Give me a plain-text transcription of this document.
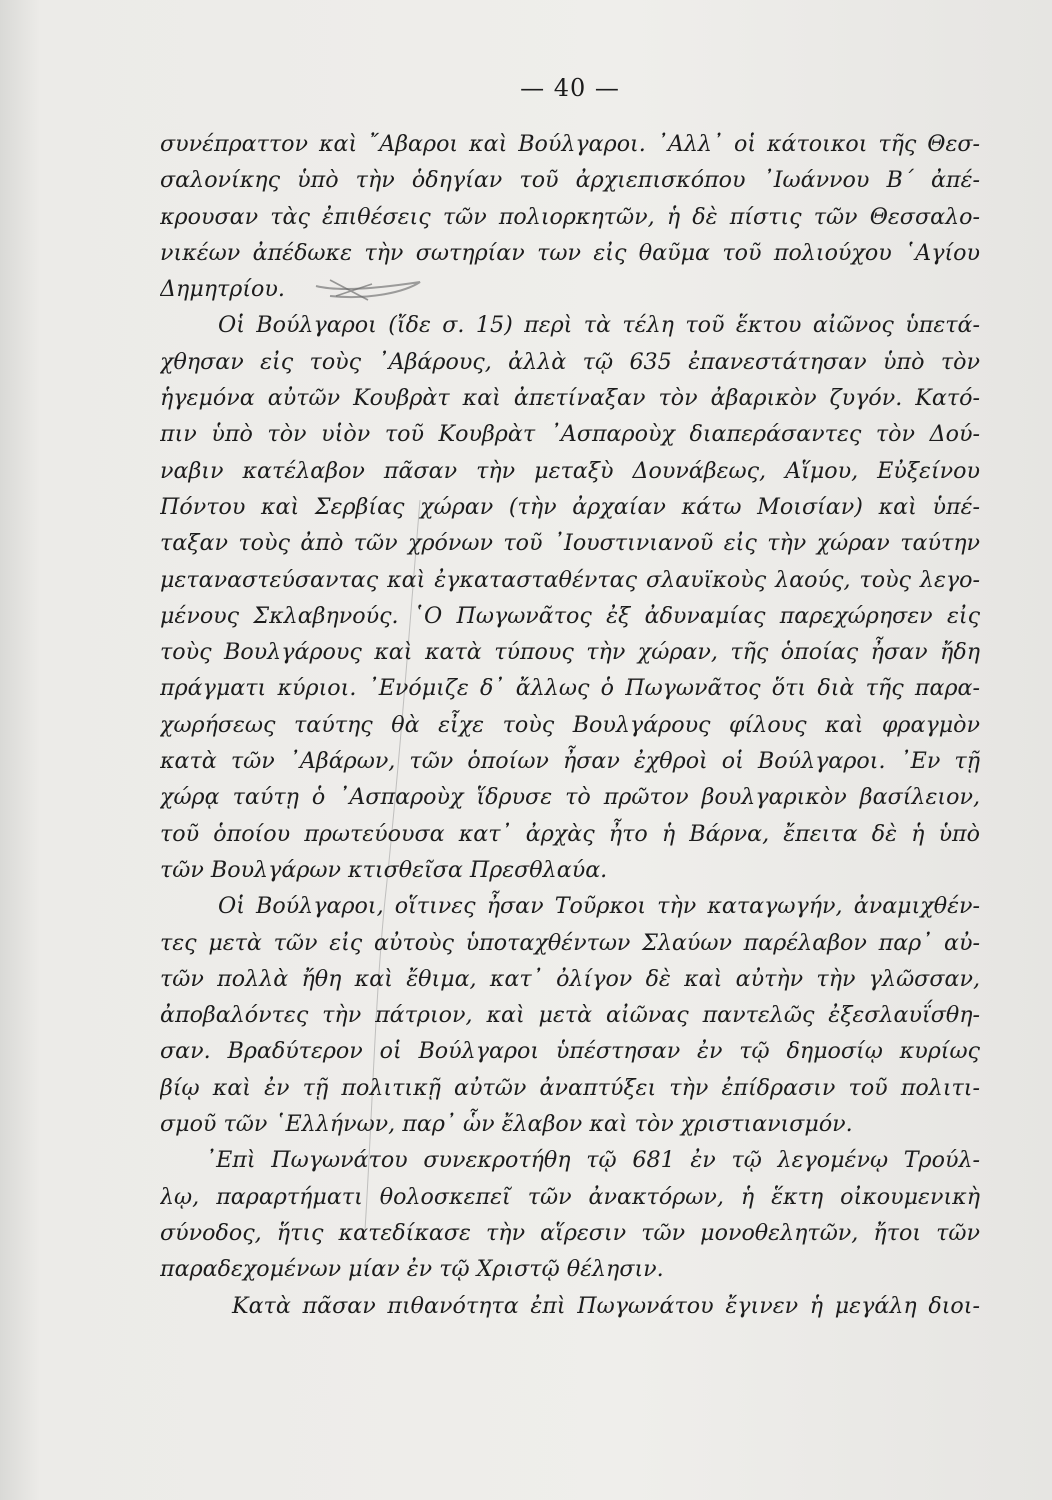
— 40 —
συνέπραττον καὶ ῎Αβαροι καὶ Βούλγαροι. ᾿Αλλ᾿ οἱ κάτοικοι τῆς Θεσ-
σαλονίκης ὑπὸ τὴν ὁδηγίαν τοῦ ἀρχιεπισκόπου ᾿Ιωάννου Β΄ ἀπέ-
κρουσαν τὰς ἐπιθέσεις τῶν πολιορκητῶν, ἡ δὲ πίστις τῶν Θεσσαλο-
νικέων ἀπέδωκε τὴν σωτηρίαν των εἰς θαῦμα τοῦ πολιούχου ῾Αγίου
Δημητρίου.
Οἱ Βούλγαροι (ἴδε σ. 15) περὶ τὰ τέλη τοῦ ἕκτου αἰῶνος ὑπετά-
χθησαν εἰς τοὺς ᾿Αβάρους, ἀλλὰ τῷ 635 ἐπανεστάτησαν ὑπὸ τὸν
ἡγεμόνα αὐτῶν Κουβρὰτ καὶ ἀπετίναξαν τὸν ἀβαρικὸν ζυγόν. Κατό-
πιν ὑπὸ τὸν υἱὸν τοῦ Κουβρὰτ ᾿Ασπαροὺχ διαπεράσαντες τὸν Δού-
ναβιν κατέλαβον πᾶσαν τὴν μεταξὺ Δουνάβεως, Αἵμου, Εὐξείνου
Πόντου καὶ Σερβίας χώραν (τὴν ἀρχαίαν κάτω Μοισίαν) καὶ ὑπέ-
ταξαν τοὺς ἀπὸ τῶν χρόνων τοῦ ᾿Ιουστινιανοῦ εἰς τὴν χώραν ταύτην
μεταναστεύσαντας καὶ ἐγκατασταθέντας σλαυϊκοὺς λαούς, τοὺς λεγο-
μένους Σκλαβηνούς. ῾Ο Πωγωνᾶτος ἐξ ἀδυναμίας παρεχώρησεν εἰς
τοὺς Βουλγάρους καὶ κατὰ τύπους τὴν χώραν, τῆς ὁποίας ἦσαν ἤδη
πράγματι κύριοι. ᾿Ενόμιζε δ᾿ ἄλλως ὁ Πωγωνᾶτος ὅτι διὰ τῆς παρα-
χωρήσεως ταύτης θὰ εἶχε τοὺς Βουλγάρους φίλους καὶ φραγμὸν
κατὰ τῶν ᾿Αβάρων, τῶν ὁποίων ἦσαν ἐχθροὶ οἱ Βούλγαροι. ᾿Εν τῇ
χώρᾳ ταύτῃ ὁ ᾿Ασπαροὺχ ἵδρυσε τὸ πρῶτον βουλγαρικὸν βασίλειον,
τοῦ ὁποίου πρωτεύουσα κατ᾿ ἀρχὰς ἦτο ἡ Βάρνα, ἔπειτα δὲ ἡ ὑπὸ
τῶν Βουλγάρων κτισθεῖσα Πρεσθλαύα.
Οἱ Βούλγαροι, οἵτινες ἦσαν Τοῦρκοι τὴν καταγωγήν, ἀναμιχθέν-
τες μετὰ τῶν εἰς αὐτοὺς ὑποταχθέντων Σλαύων παρέλαβον παρ᾿ αὐ-
τῶν πολλὰ ἤθη καὶ ἔθιμα, κατ᾿ ὀλίγον δὲ καὶ αὐτὴν τὴν γλῶσσαν,
ἀποβαλόντες τὴν πάτριον, καὶ μετὰ αἰῶνας παντελῶς ἐξεσλαυΐσθη-
σαν. Βραδύτερον οἱ Βούλγαροι ὑπέστησαν ἐν τῷ δημοσίῳ κυρίως
βίῳ καὶ ἐν τῇ πολιτικῇ αὐτῶν ἀναπτύξει τὴν ἐπίδρασιν τοῦ πολιτι-
σμοῦ τῶν ῾Ελλήνων, παρ᾿ ὧν ἔλαβον καὶ τὸν χριστιανισμόν.
᾿Επὶ Πωγωνάτου συνεκροτήθη τῷ 681 ἐν τῷ λεγομένῳ Τρούλ-
λῳ, παραρτήματι θολοσκεπεῖ τῶν ἀνακτόρων, ἡ ἕκτη οἰκουμενικὴ
σύνοδος, ἥτις κατεδίκασε τὴν αἵρεσιν τῶν μονοθελητῶν, ἤτοι τῶν
παραδεχομένων μίαν ἐν τῷ Χριστῷ θέλησιν.
Κατὰ πᾶσαν πιθανότητα ἐπὶ Πωγωνάτου ἔγινεν ἡ μεγάλη διοι-
